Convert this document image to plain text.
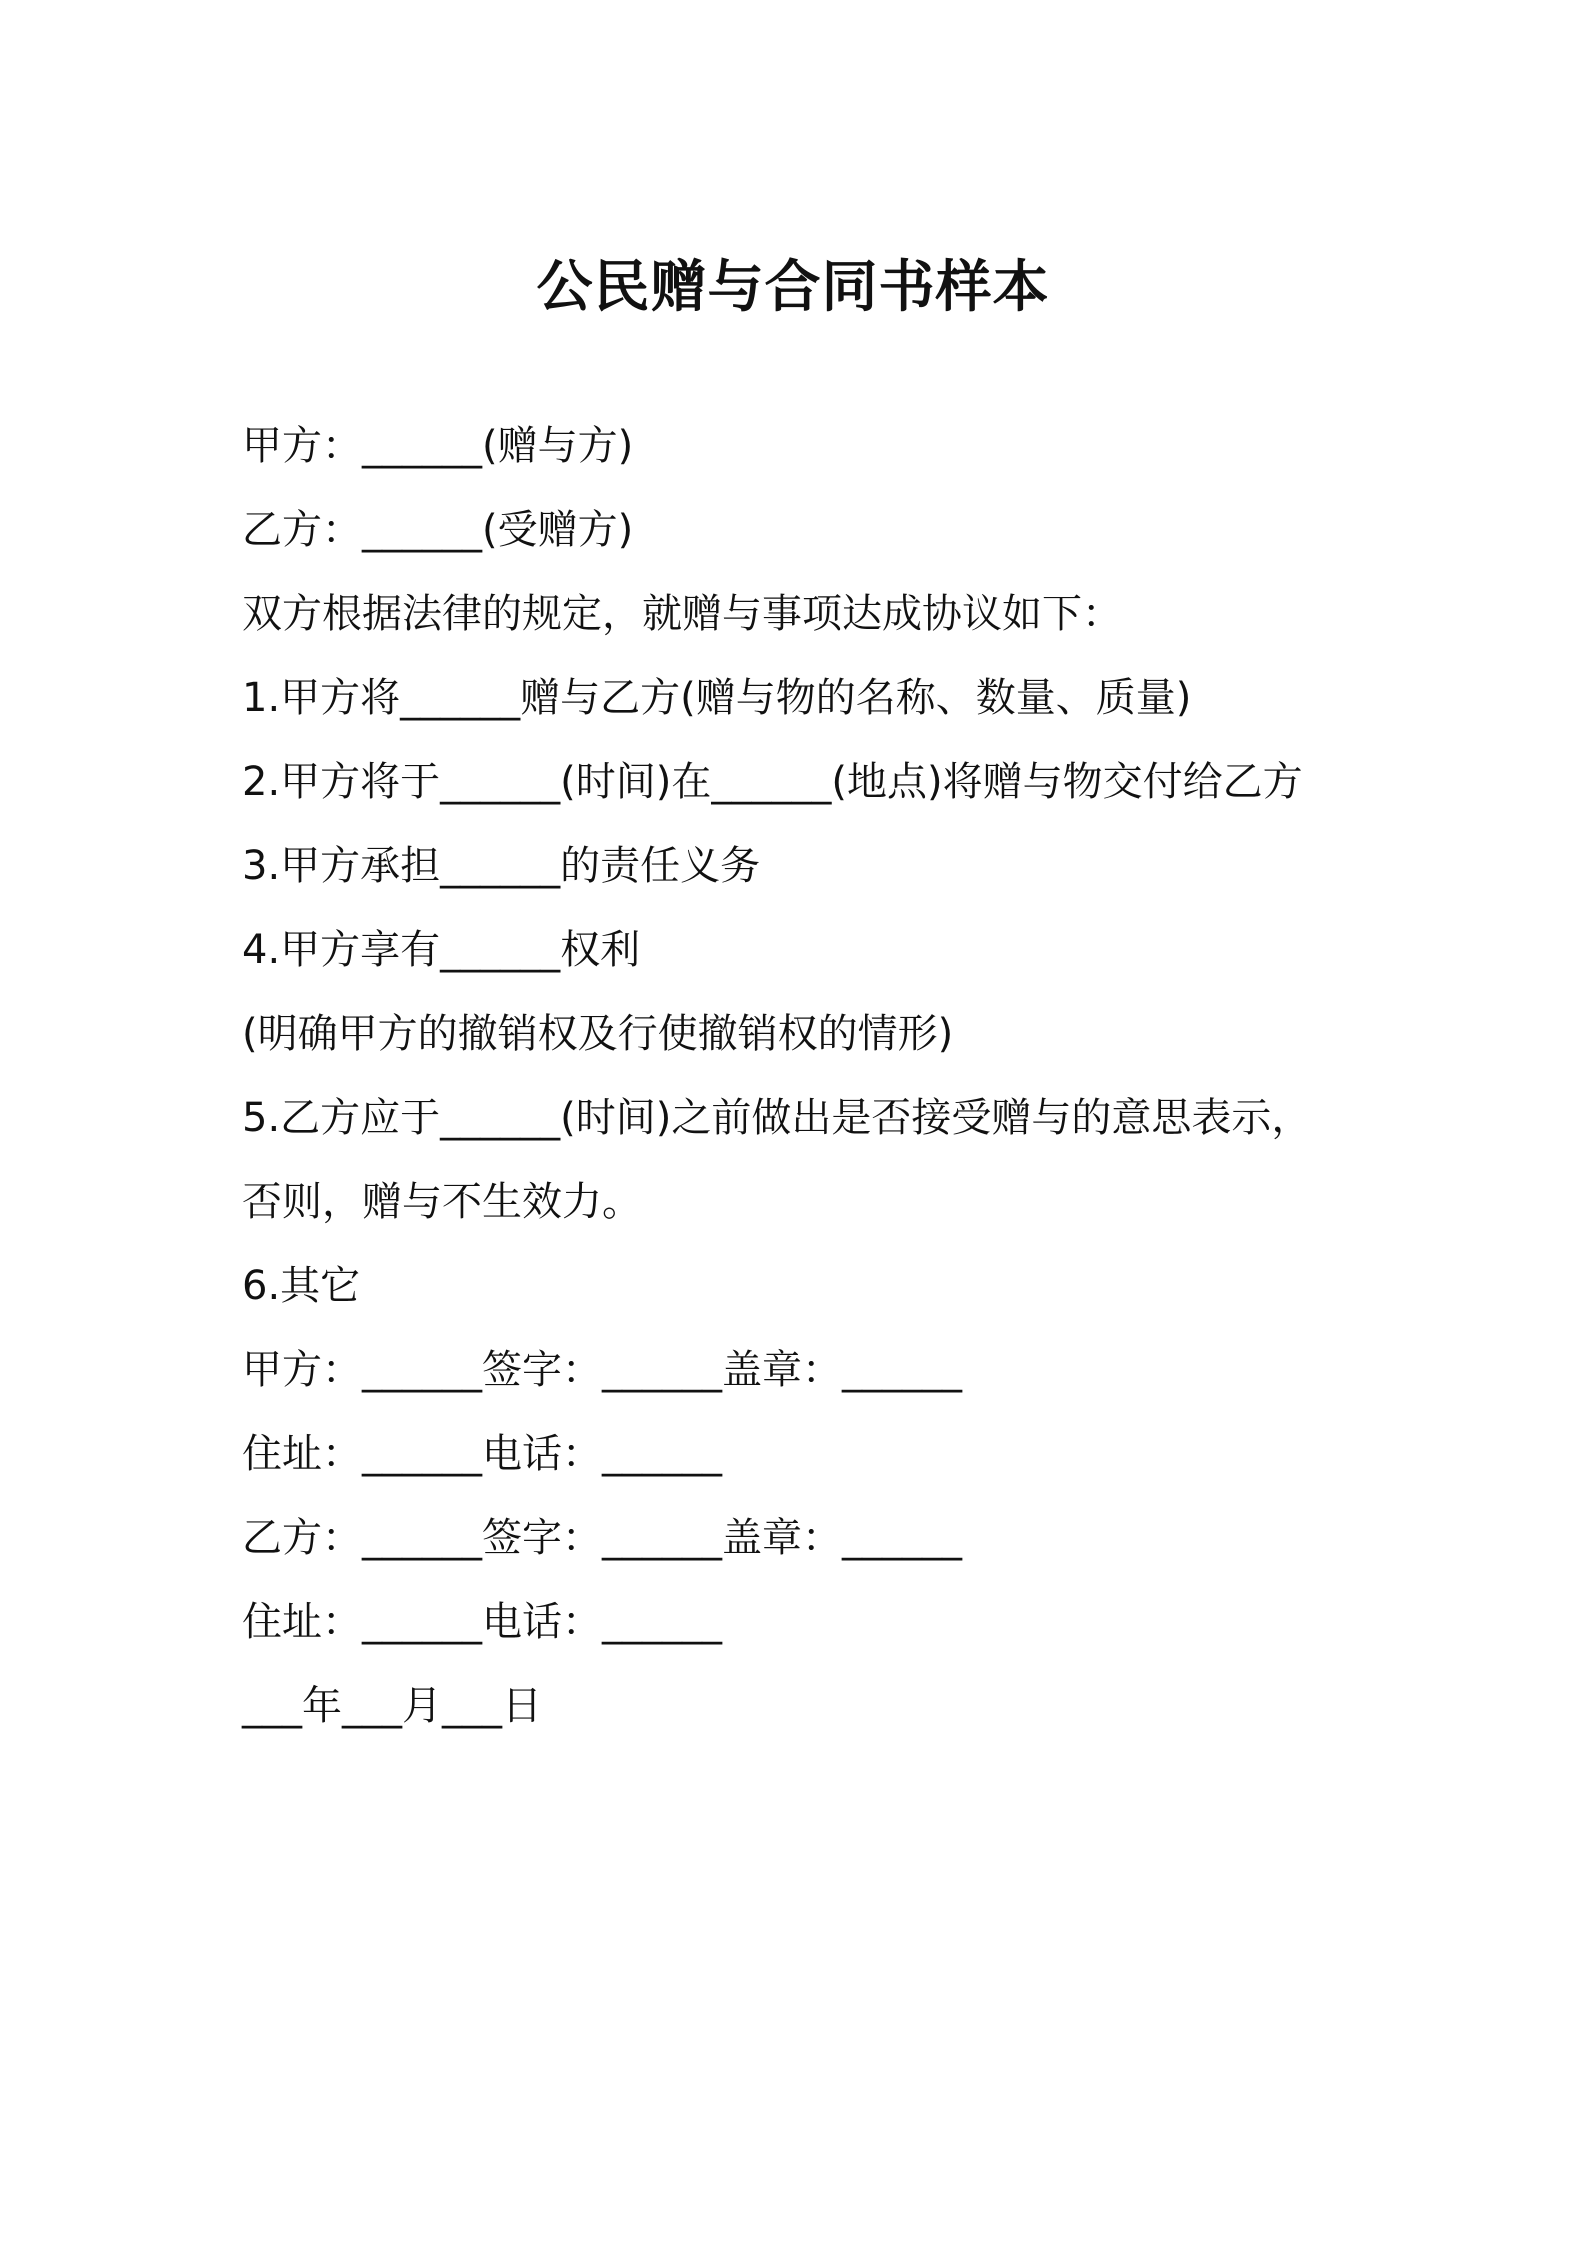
公民赠与合同书样本
甲方：______(赠与方)
乙方：______(受赠方)
双方根据法律的规定，就赠与事项达成协议如下：
1.甲方将______赠与乙方(赠与物的名称、数量、质量)
2.甲方将于______(时间)在______(地点)将赠与物交付给乙方
3.甲方承担______的责任义务
4.甲方享有______权利
(明确甲方的撤销权及行使撤销权的情形)
5.乙方应于______(时间)之前做出是否接受赠与的意思表示，
否则，赠与不生效力。
6.其它
甲方：______签字：______盖章：______
住址：______电话：______
乙方：______签字：______盖章：______
住址：______电话：______
___年___月___日
